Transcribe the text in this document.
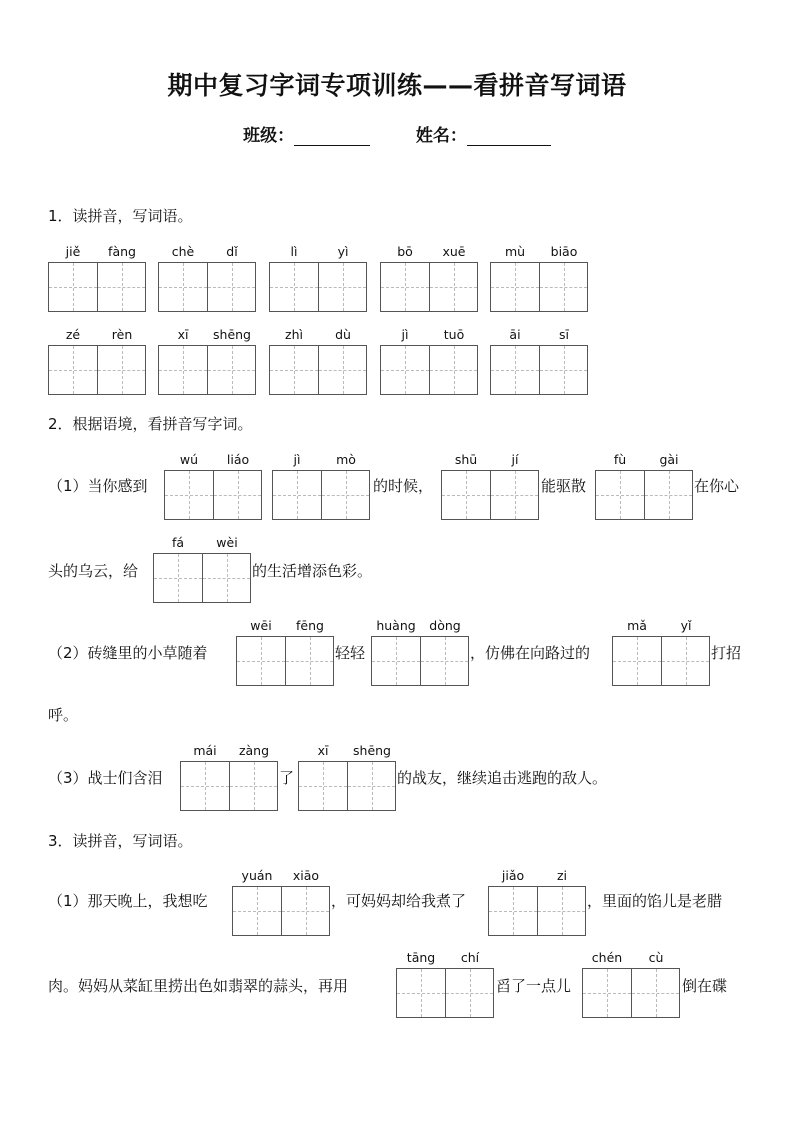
期中复习字词专项训练——看拼音写词语
班级：	姓名：
1．读拼音，写词语。
jiě fàng	chè	dǐ	lì	yì	bō xuē	mù biāo
zé	rèn	xī shēng	zhì	dù	jì	tuō	āi	sī
wú liáo	jì	mò	shū	jí	fù	gài
fá	wèi
wēi fēng	huàng dòng	mǎ	yǐ
mái zàng	xī shēng
yuán xiāo	jiǎo	zi
tāng chí	chén cù
2．根据语境，看拼音写字词。
（1）当你感到	的时候，	能驱散	在你心
头的乌云，给	的生活增添色彩。
（2）砖缝里的小草随着	轻轻	，仿佛在向路过的	打招
呼。
（3）战士们含泪	了	的战友，继续追击逃跑的敌人。
3．读拼音，写词语。
（1）那天晚上，我想吃	，可妈妈却给我煮了	，里面的馅儿是老腊
肉。妈妈从菜缸里捞出色如翡翠的蒜头，再用	舀了一点儿	倒在碟
